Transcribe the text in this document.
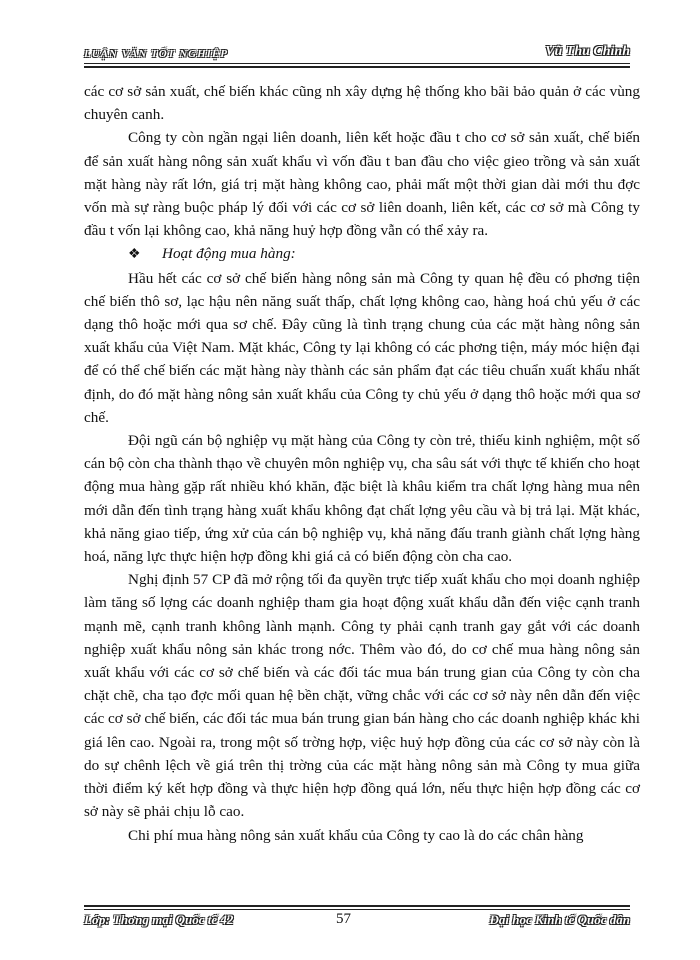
LUẬN VĂN TỐT NGHIỆP	Vũ Thu Chinh

các cơ sở sản xuất, chế biến khác cũng nh xây dựng hệ thống kho bãi bảo quản ở các vùng chuyên canh.

Công ty còn ngần ngại liên doanh, liên kết hoặc đầu t cho cơ sở sản xuất, chế biến để sản xuất hàng nông sản xuất khẩu vì vốn đầu t ban đầu cho việc gieo trồng và sản xuất mặt hàng này rất lớn, giá trị mặt hàng không cao, phải mất một thời gian dài mới thu đợc vốn mà sự ràng buộc pháp lý đối với các cơ sở liên doanh, liên kết, các cơ sở mà Công ty đầu t vốn lại không cao, khả năng huỷ hợp đồng vẫn có thể xảy ra.

❖ Hoạt động mua hàng:

Hầu hết các cơ sở chế biến hàng nông sản mà Công ty quan hệ đều có phơng tiện chế biến thô sơ, lạc hậu nên năng suất thấp, chất lợng không cao, hàng hoá chủ yếu ở các dạng thô hoặc mới qua sơ chế. Đây cũng là tình trạng chung của các mặt hàng nông sản xuất khẩu của Việt Nam. Mặt khác, Công ty lại không có các phơng tiện, máy móc hiện đại để có thể chế biến các mặt hàng này thành các sản phẩm đạt các tiêu chuẩn xuất khẩu nhất định, do đó mặt hàng nông sản xuất khẩu của Công ty chủ yếu ở dạng thô hoặc mới qua sơ chế.

Đội ngũ cán bộ nghiệp vụ mặt hàng của Công ty còn trẻ, thiếu kinh nghiệm, một số cán bộ còn cha thành thạo về chuyên môn nghiệp vụ, cha sâu sát với thực tế khiến cho hoạt động mua hàng gặp rất nhiều khó khăn, đặc biệt là khâu kiểm tra chất lợng hàng mua nên mới dẫn đến tình trạng hàng xuất khẩu không đạt chất lợng yêu cầu và bị trả lại. Mặt khác, khả năng giao tiếp, ứng xử của cán bộ nghiệp vụ, khả năng đấu tranh giành chất lợng hàng hoá, năng lực thực hiện hợp đồng khi giá cả có biến động còn cha cao.

Nghị định 57 CP đã mở rộng tối đa quyền trực tiếp xuất khẩu cho mọi doanh nghiệp làm tăng số lợng các doanh nghiệp tham gia hoạt động xuất khẩu dẫn đến việc cạnh tranh mạnh mẽ, cạnh tranh không lành mạnh. Công ty phải cạnh tranh gay gắt với các doanh nghiệp xuất khẩu nông sản khác trong nớc. Thêm vào đó, do cơ chế mua hàng nông sản xuất khẩu với các cơ sở chế biến và các đối tác mua bán trung gian của Công ty còn cha chặt chẽ, cha tạo đợc mối quan hệ bền chặt, vững chắc với các cơ sở này nên dẫn đến việc các cơ sở chế biến, các đối tác mua bán trung gian bán hàng cho các doanh nghiệp khác khi giá lên cao. Ngoài ra, trong một số trờng hợp, việc huỷ hợp đồng của các cơ sở này còn là do sự chênh lệch về giá trên thị trờng của các mặt hàng nông sản mà Công ty mua giữa thời điểm ký kết hợp đồng và thực hiện hợp đồng quá lớn, nếu thực hiện hợp đồng các cơ sở này sẽ phải chịu lỗ cao.

Chi phí mua hàng nông sản xuất khẩu của Công ty cao là do các chân hàng

Lớp: Thơng mại Quốc tế 42	57	Đại học Kinh tế Quốc dân
